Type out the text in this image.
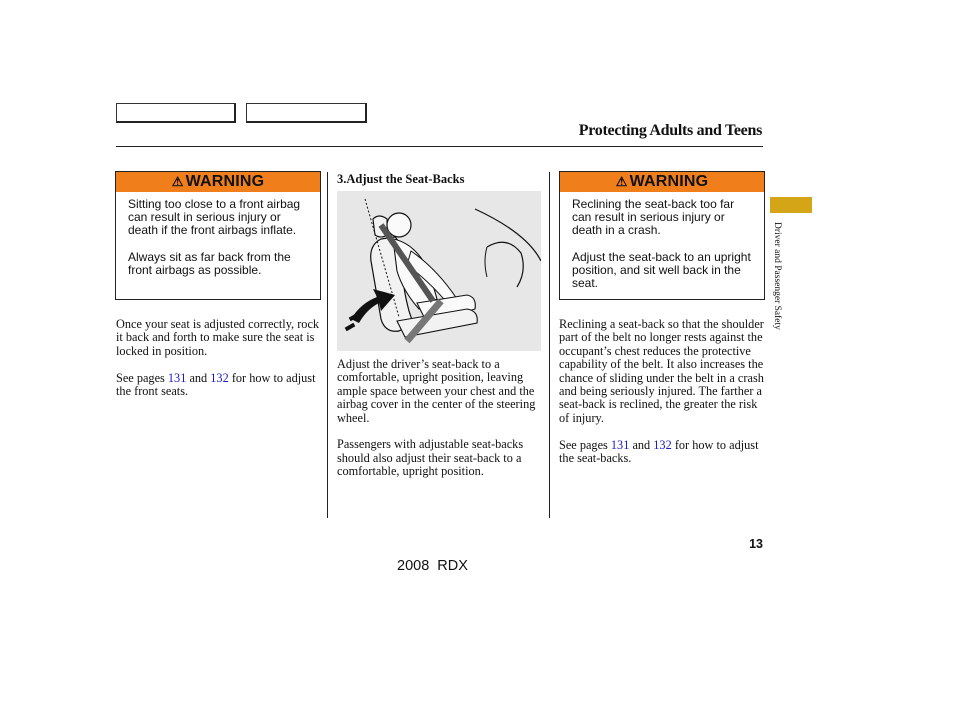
Protecting Adults and Teens
⚠ WARNING

Sitting too close to a front airbag can result in serious injury or death if the front airbags inflate.

Always sit as far back from the front airbags as possible.

⚠ WARNING

Reclining the seat-back too far can result in serious injury or death in a crash.

Adjust the seat-back to an upright position, and sit well back in the seat.

Once your seat is adjusted correctly, rock it back and forth to make sure the seat is locked in position.

See pages 131 and 132 for how to adjust the front seats.

3.Adjust the Seat-Backs

Adjust the driver’s seat-back to a comfortable, upright position, leaving ample space between your chest and the airbag cover in the center of the steering wheel.

Passengers with adjustable seat-backs should also adjust their seat-back to a comfortable, upright position.

Reclining a seat-back so that the shoulder part of the belt no longer rests against the occupant’s chest reduces the protective capability of the belt. It also increases the chance of sliding under the belt in a crash and being seriously injured. The farther a seat-back is reclined, the greater the risk of injury.

See pages 131 and 132 for how to adjust the seat-backs.

Driver and Passenger Safety
13
2008 RDX
